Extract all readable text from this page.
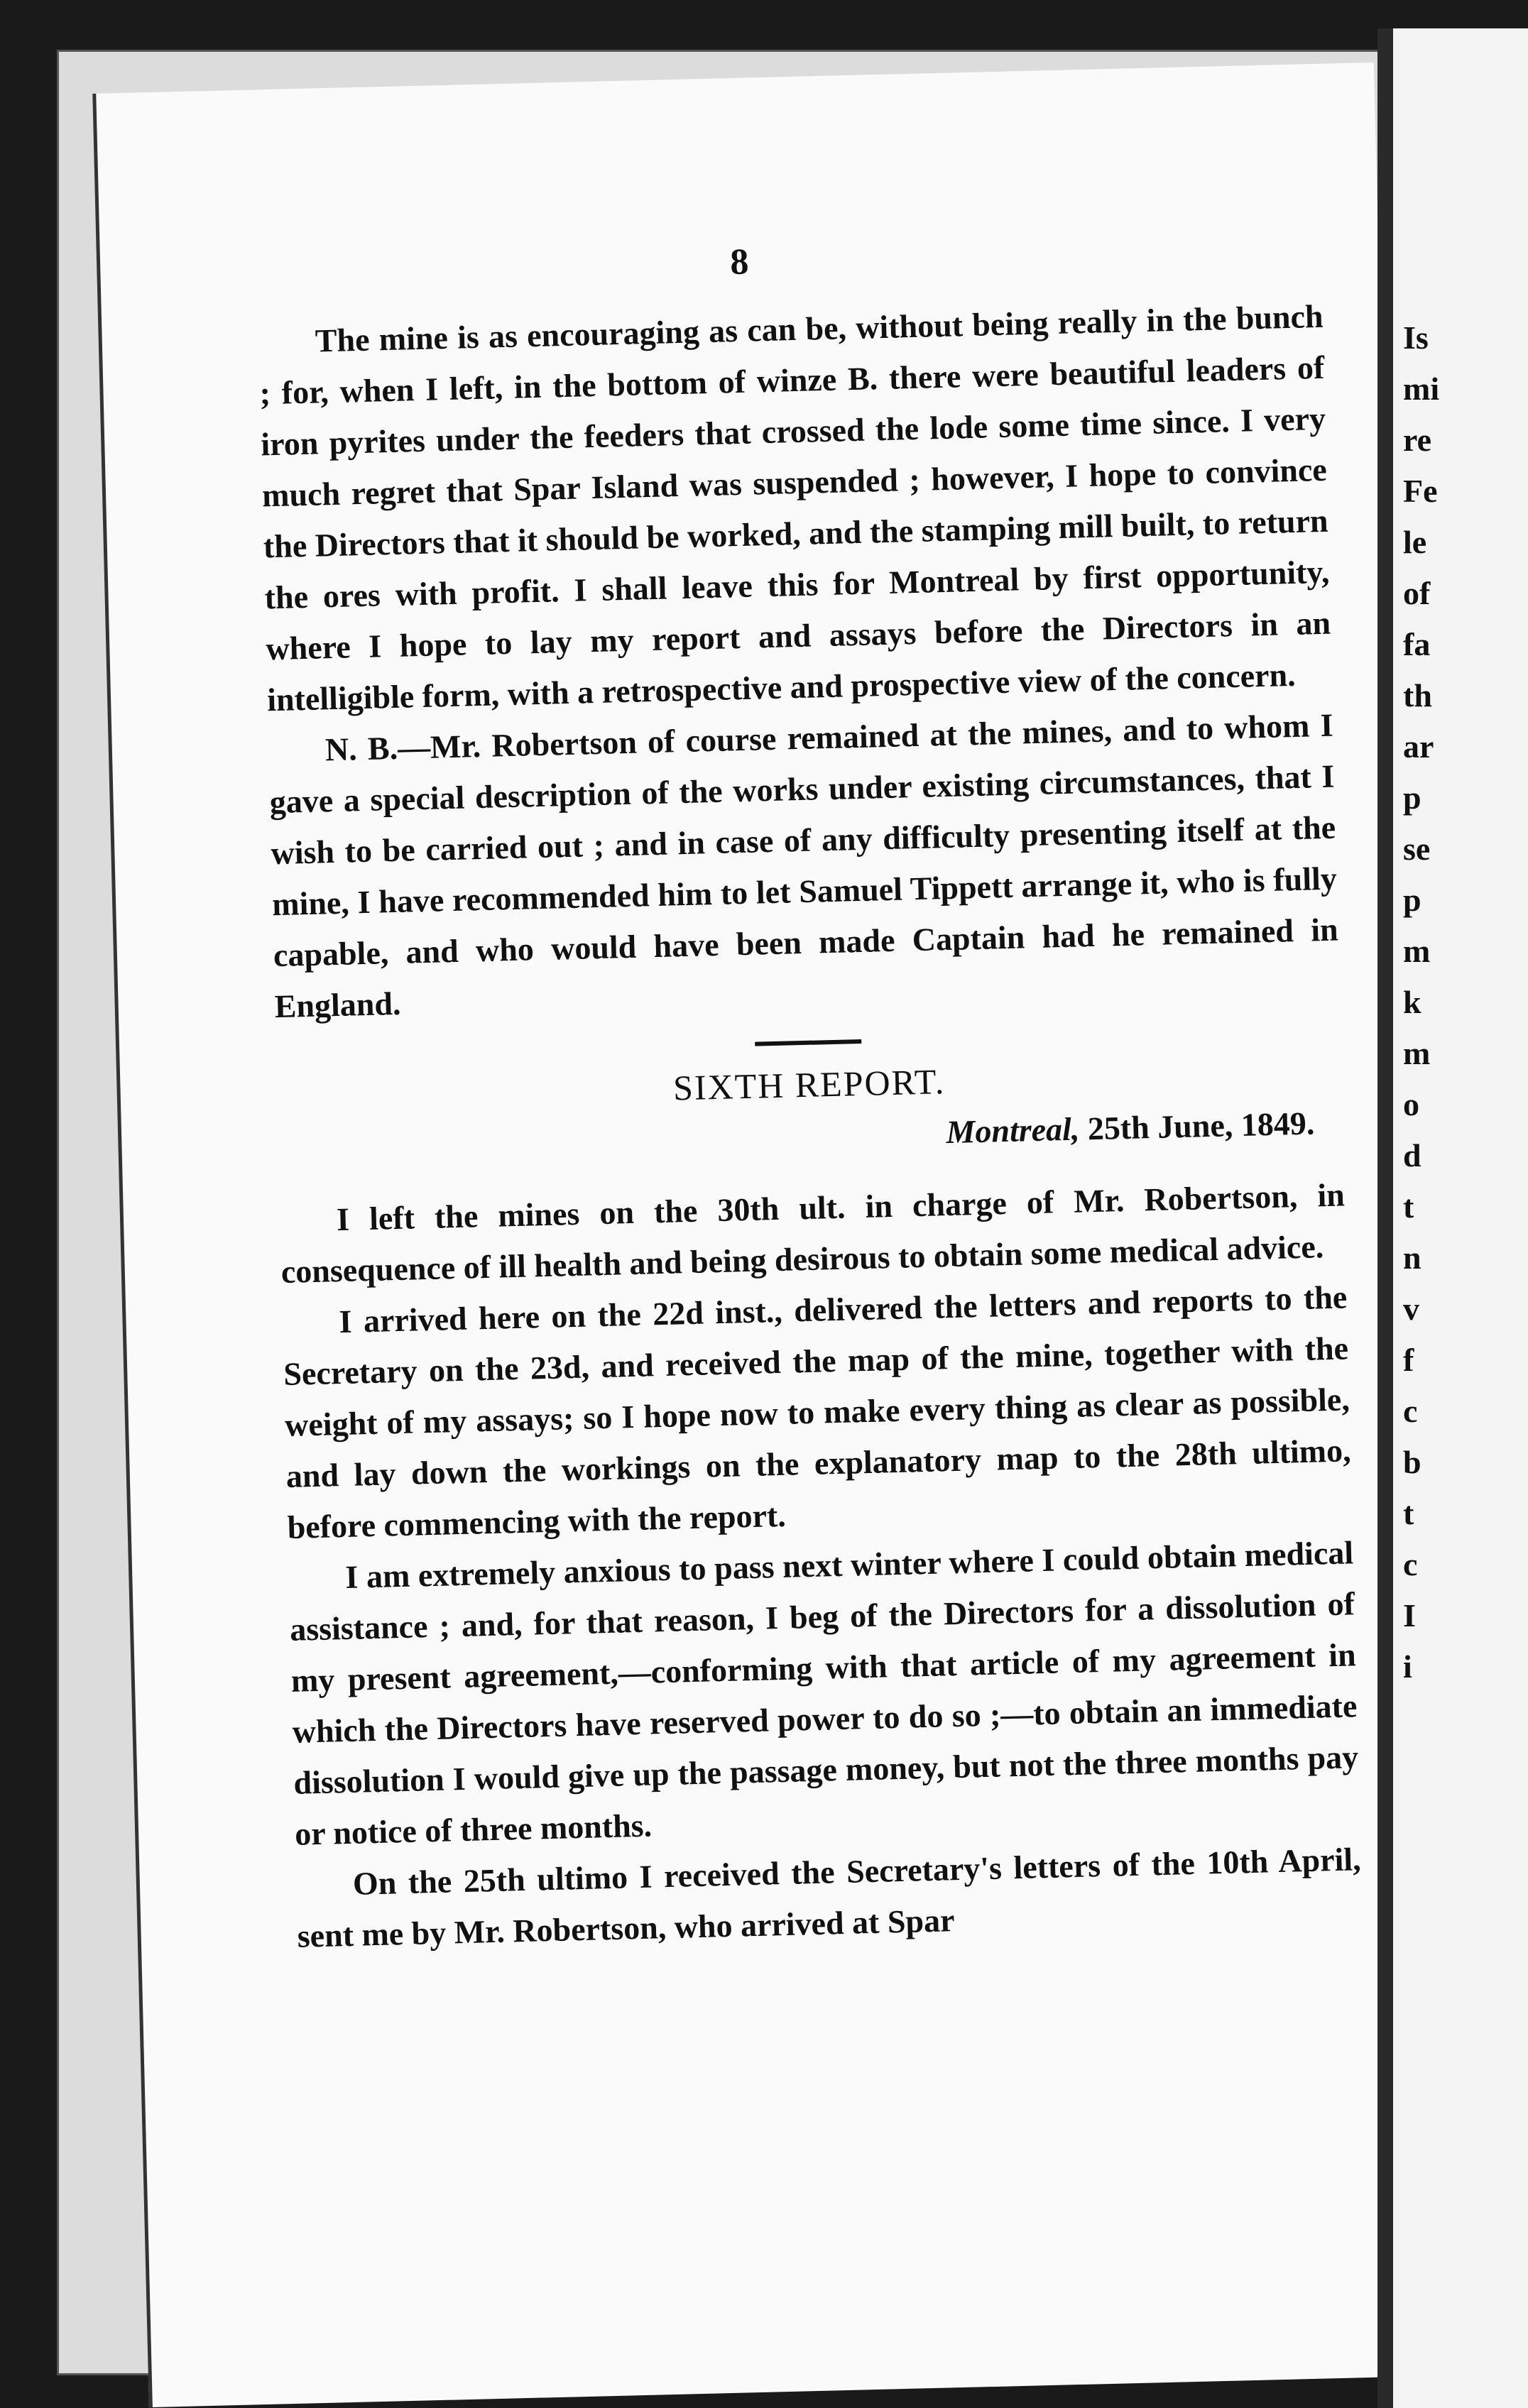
8

The mine is as encouraging as can be, without being really in the bunch ; for, when I left, in the bottom of winze B. there were beautiful leaders of iron pyrites under the feeders that crossed the lode some time since. I very much regret that Spar Island was suspended ; however, I hope to convince the Directors that it should be worked, and the stamping mill built, to return the ores with profit. I shall leave this for Montreal by first opportunity, where I hope to lay my report and assays before the Directors in an intelligible form, with a retrospective and prospective view of the concern.

N. B.—Mr. Robertson of course remained at the mines, and to whom I gave a special description of the works under existing circumstances, that I wish to be carried out ; and in case of any difficulty presenting itself at the mine, I have recommended him to let Samuel Tippett arrange it, who is fully capable, and who would have been made Captain had he remained in England.

SIXTH REPORT.

Montreal, 25th June, 1849.

I left the mines on the 30th ult. in charge of Mr. Robertson, in consequence of ill health and being desirous to obtain some medical advice.

I arrived here on the 22d inst., delivered the letters and reports to the Secretary on the 23d, and received the map of the mine, together with the weight of my assays; so I hope now to make every thing as clear as possible, and lay down the workings on the explanatory map to the 28th ultimo, before commencing with the report.

I am extremely anxious to pass next winter where I could obtain medical assistance ; and, for that reason, I beg of the Directors for a dissolution of my present agreement,—conforming with that article of my agreement in which the Directors have reserved power to do so ;—to obtain an immediate dissolution I would give up the passage money, but not the three months pay or notice of three months.

On the 25th ultimo I received the Secretary's letters of the 10th April, sent me by Mr. Robertson, who arrived at Spar

Is
mi
re
Fe
le
of
fa
th
ar
p
se
p
m
k
m
o
d
t
n
v
f
c
b
t
c
I
i
